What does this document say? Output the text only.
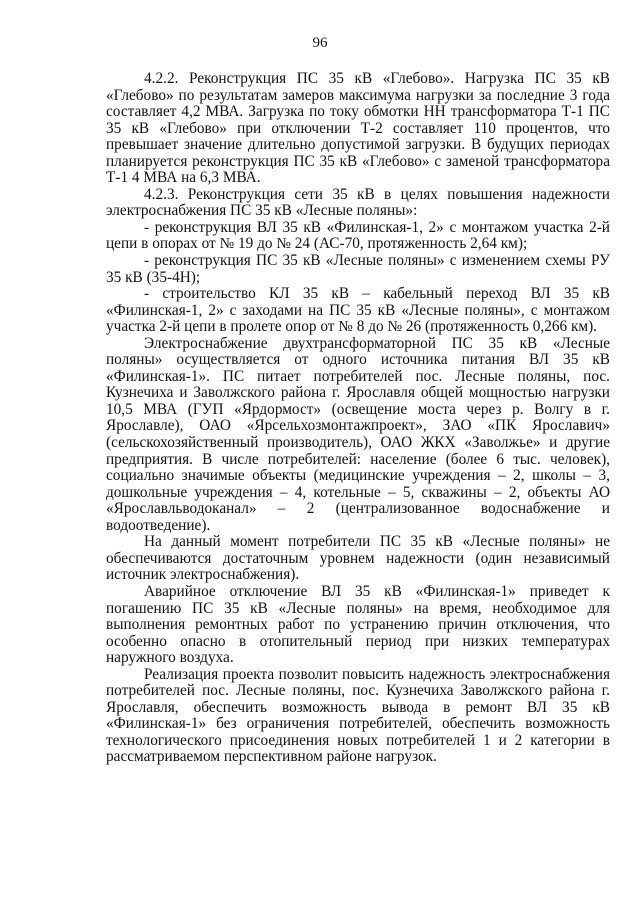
96

4.2.2. Реконструкция ПС 35 кВ «Глебово». Нагрузка ПС 35 кВ «Глебово» по результатам замеров максимума нагрузки за последние 3 года составляет 4,2 МВА. Загрузка по току обмотки НН трансформатора Т-1 ПС 35 кВ «Глебово» при отключении Т-2 составляет 110 процентов, что превышает значение длительно допустимой загрузки. В будущих периодах планируется реконструкция ПС 35 кВ «Глебово» с заменой трансформатора Т-1 4 МВА на 6,3 МВА.

4.2.3. Реконструкция сети 35 кВ в целях повышения надежности электроснабжения ПС 35 кВ «Лесные поляны»:

- реконструкция ВЛ 35 кВ «Филинская-1, 2» с монтажом участка 2-й цепи в опорах от № 19 до № 24 (АС-70, протяженность 2,64 км);

- реконструкция ПС 35 кВ «Лесные поляны» с изменением схемы РУ 35 кВ (35-4Н);

- строительство КЛ 35 кВ – кабельный переход ВЛ 35 кВ «Филинская-1, 2» с заходами на ПС 35 кВ «Лесные поляны», с монтажом участка 2-й цепи в пролете опор от № 8 до № 26 (протяженность 0,266 км).

Электроснабжение двухтрансформаторной ПС 35 кВ «Лесные поляны» осуществляется от одного источника питания ВЛ 35 кВ «Филинская-1». ПС питает потребителей пос. Лесные поляны, пос. Кузнечиха и Заволжского района г. Ярославля общей мощностью нагрузки 10,5 МВА (ГУП «Ярдормост» (освещение моста через р. Волгу в г. Ярославле), ОАО «Ярсельхозмонтажпроект», ЗАО «ПК Ярославич» (сельскохозяйственный производитель), ОАО ЖКХ «Заволжье» и другие предприятия. В числе потребителей: население (более 6 тыс. человек), социально значимые объекты (медицинские учреждения – 2, школы – 3, дошкольные учреждения – 4, котельные – 5, скважины – 2, объекты АО «Ярославльводоканал» – 2 (централизованное водоснабжение и водоотведение).

На данный момент потребители ПС 35 кВ «Лесные поляны» не обеспечиваются достаточным уровнем надежности (один независимый источник электроснабжения).

Аварийное отключение ВЛ 35 кВ «Филинская-1» приведет к погашению ПС 35 кВ «Лесные поляны» на время, необходимое для выполнения ремонтных работ по устранению причин отключения, что особенно опасно в отопительный период при низких температурах наружного воздуха.

Реализация проекта позволит повысить надежность электроснабжения потребителей пос. Лесные поляны, пос. Кузнечиха Заволжского района г. Ярославля, обеспечить возможность вывода в ремонт ВЛ 35 кВ «Филинская-1» без ограничения потребителей, обеспечить возможность технологического присоединения новых потребителей 1 и 2 категории в рассматриваемом перспективном районе нагрузок.
